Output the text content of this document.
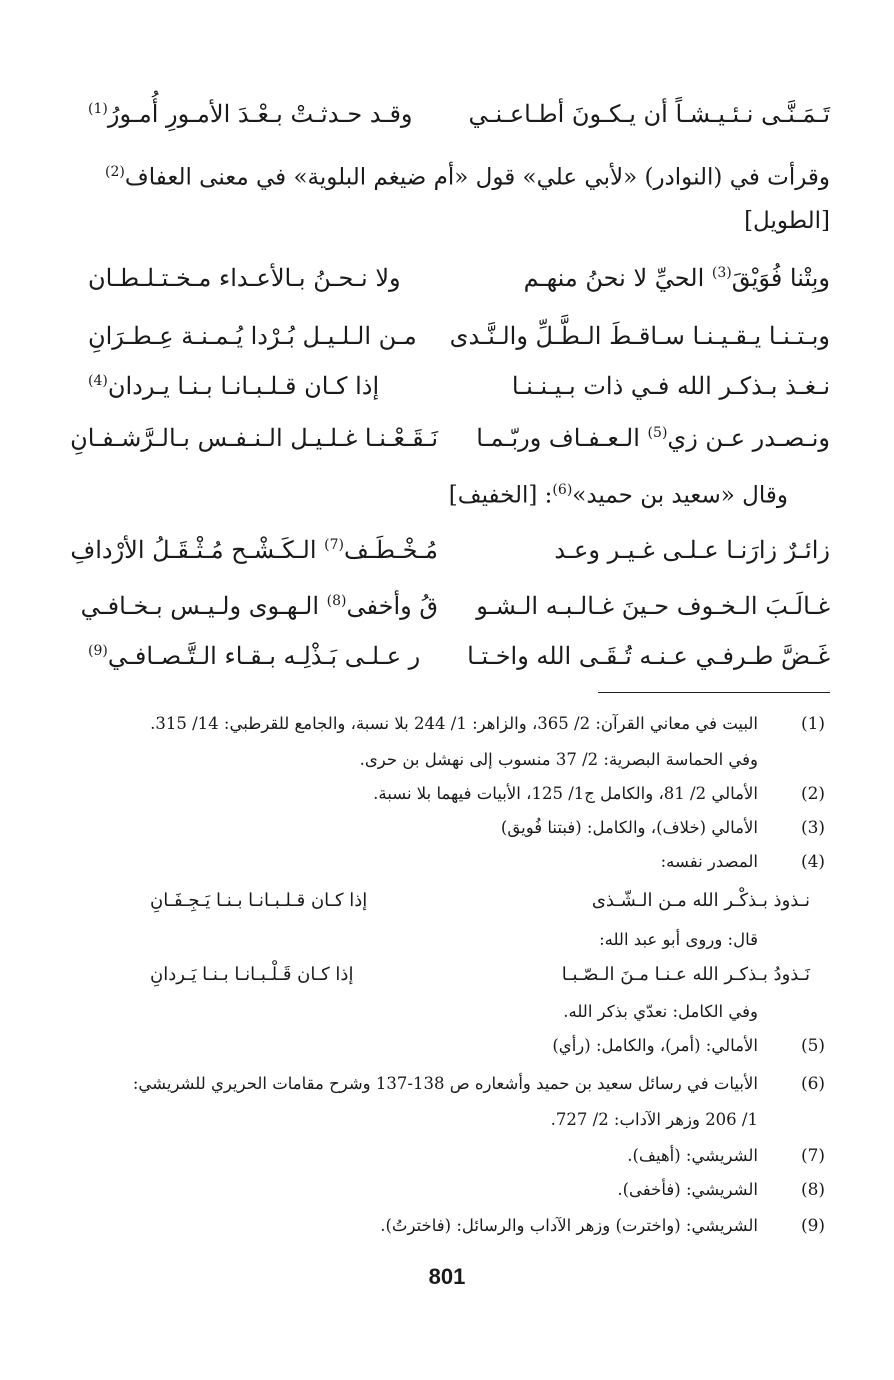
تَـمَـنَّـى نـئـيـشـاً أن يـكـونَ أطـاعـنـي
وقـد حـدثـتْ بـعْـدَ الأمـورِ أُمـورُ$^{(1)}$
وقرأت في (النوادر) «لأبي علي» قول «أم ضيغم البلوية» في معنى العفاف$^{(2)}$
[الطويل]
وبِتْنا فُوَيْقَ$^{(3)}$ الحيِّ لا نحنُ منهـم
ولا نـحـنُ بـالأعـداء مـخـتـلـطـان
وبـتـنـا يـقـيـنـا سـاقـطَ الـطَّـلِّ والـنَّـدى
مـن الـلـيـل بُـرْدا يُـمـنـة عِـطـرَانِ
نـغـذ بـذكـر الله فـي ذات بـيـنـنـا
إذا كـان قـلـبـانـا بـنـا يـردان$^{(4)}$
ونـصـدر عـن زي$^{(5)}$ الـعـفـاف وربّـمـا
نَـقَـعْـنـا غـلـيـل الـنـفـس بـالـرَّشـفـانِ
وقال «سعيد بن حميد»$^{(6)}$: [الخفيف]
زائـرٌ زارَنـا عـلـى غـيـر وعـد
مُـخْـطَـف$^{(7)}$ الـكَـشْـح مُـثْـقَـلُ الأرْدافِ
غـالَـبَ الـخـوف حـينَ غـالـبـه الـشـو
قُ وأخفى$^{(8)}$ الـهـوى ولـيـس بـخـافـي
غَـضَّ طـرفـي عـنـه تُـقَـى الله واخـتـا
ر عـلـى بَـذْلِـه بـقـاء الـتَّـصـافـي$^{(9)}$
(1)
البيت في معاني القرآن: 2/ 365، والزاهر: 1/ 244 بلا نسبة، والجامع للقرطبي: 14/ 315.
وفي الحماسة البصرية: 2/ 37 منسوب إلى نهشل بن حرى.
(2)
الأمالي 2/ 81، والكامل ج1/ 125، الأبيات فيهما بلا نسبة.
(3)
الأمالي (خلاف)، والكامل: (فبتنا فُويق)
(4)
المصدر نفسه:
نـذوذ بـذكْـر الله مـن الـشّـذى
إذا كـان قـلـبـانـا بـنـا يَـجِـفَـانِ
قال: وروى أبو عبد الله:
نَـذودُ بـذكـر الله عـنـا مـنَ الـصّـبـا
إذا كـان قَـلْـبـانـا بـنـا يَـردانِ
وفي الكامل: نعدّي بذكر الله.
(5)
الأمالي: (أمر)، والكامل: (رأي)
(6)
الأبيات في رسائل سعيد بن حميد وأشعاره ص 138-137 وشرح مقامات الحريري للشريشي:
1/ 206 وزهر الآداب: 2/ 727.
(7)
الشريشي: (أهيف).
(8)
الشريشي: (فأخفى).
(9)
الشريشي: (واخترت) وزهر الآداب والرسائل: (فاخترتُ).
801
